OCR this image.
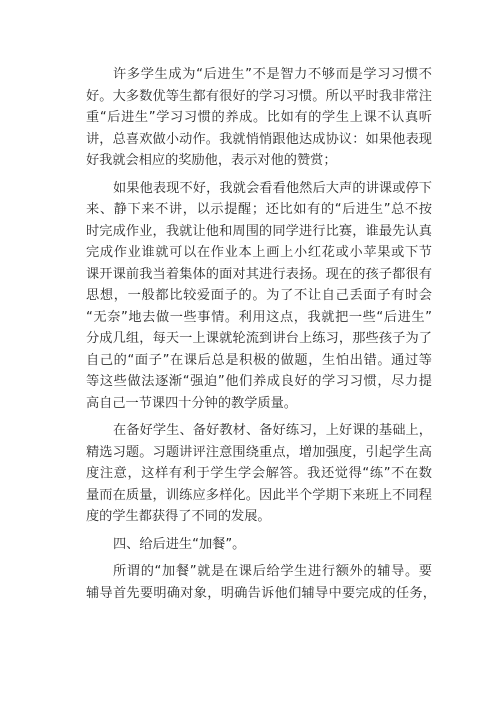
许多学生成为“后进生”不是智力不够而是学习习惯不
好。大多数优等生都有很好的学习习惯。所以平时我非常注
重“后进生”学习习惯的养成。比如有的学生上课不认真听
讲，总喜欢做小动作。我就悄悄跟他达成协议：如果他表现
好我就会相应的奖励他，表示对他的赞赏；
如果他表现不好，我就会看看他然后大声的讲课或停下
来、静下来不讲，以示提醒；还比如有的“后进生”总不按
时完成作业，我就让他和周围的同学进行比赛，谁最先认真
完成作业谁就可以在作业本上画上小红花或小苹果或下节
课开课前我当着集体的面对其进行表扬。现在的孩子都很有
思想，一般都比较爱面子的。为了不让自己丢面子有时会
“无奈”地去做一些事情。利用这点，我就把一些“后进生”
分成几组，每天一上课就轮流到讲台上练习，那些孩子为了
自己的“面子”在课后总是积极的做题，生怕出错。通过等
等这些做法逐渐“强迫”他们养成良好的学习习惯，尽力提
高自己一节课四十分钟的教学质量。
在备好学生、备好教材、备好练习，上好课的基础上，
精选习题。习题讲评注意围绕重点，增加强度，引起学生高
度注意，这样有利于学生学会解答。我还觉得“练”不在数
量而在质量，训练应多样化。因此半个学期下来班上不同程
度的学生都获得了不同的发展。
四、给后进生“加餐”。
所谓的“加餐”就是在课后给学生进行额外的辅导。要
辅导首先要明确对象，明确告诉他们辅导中要完成的任务，
